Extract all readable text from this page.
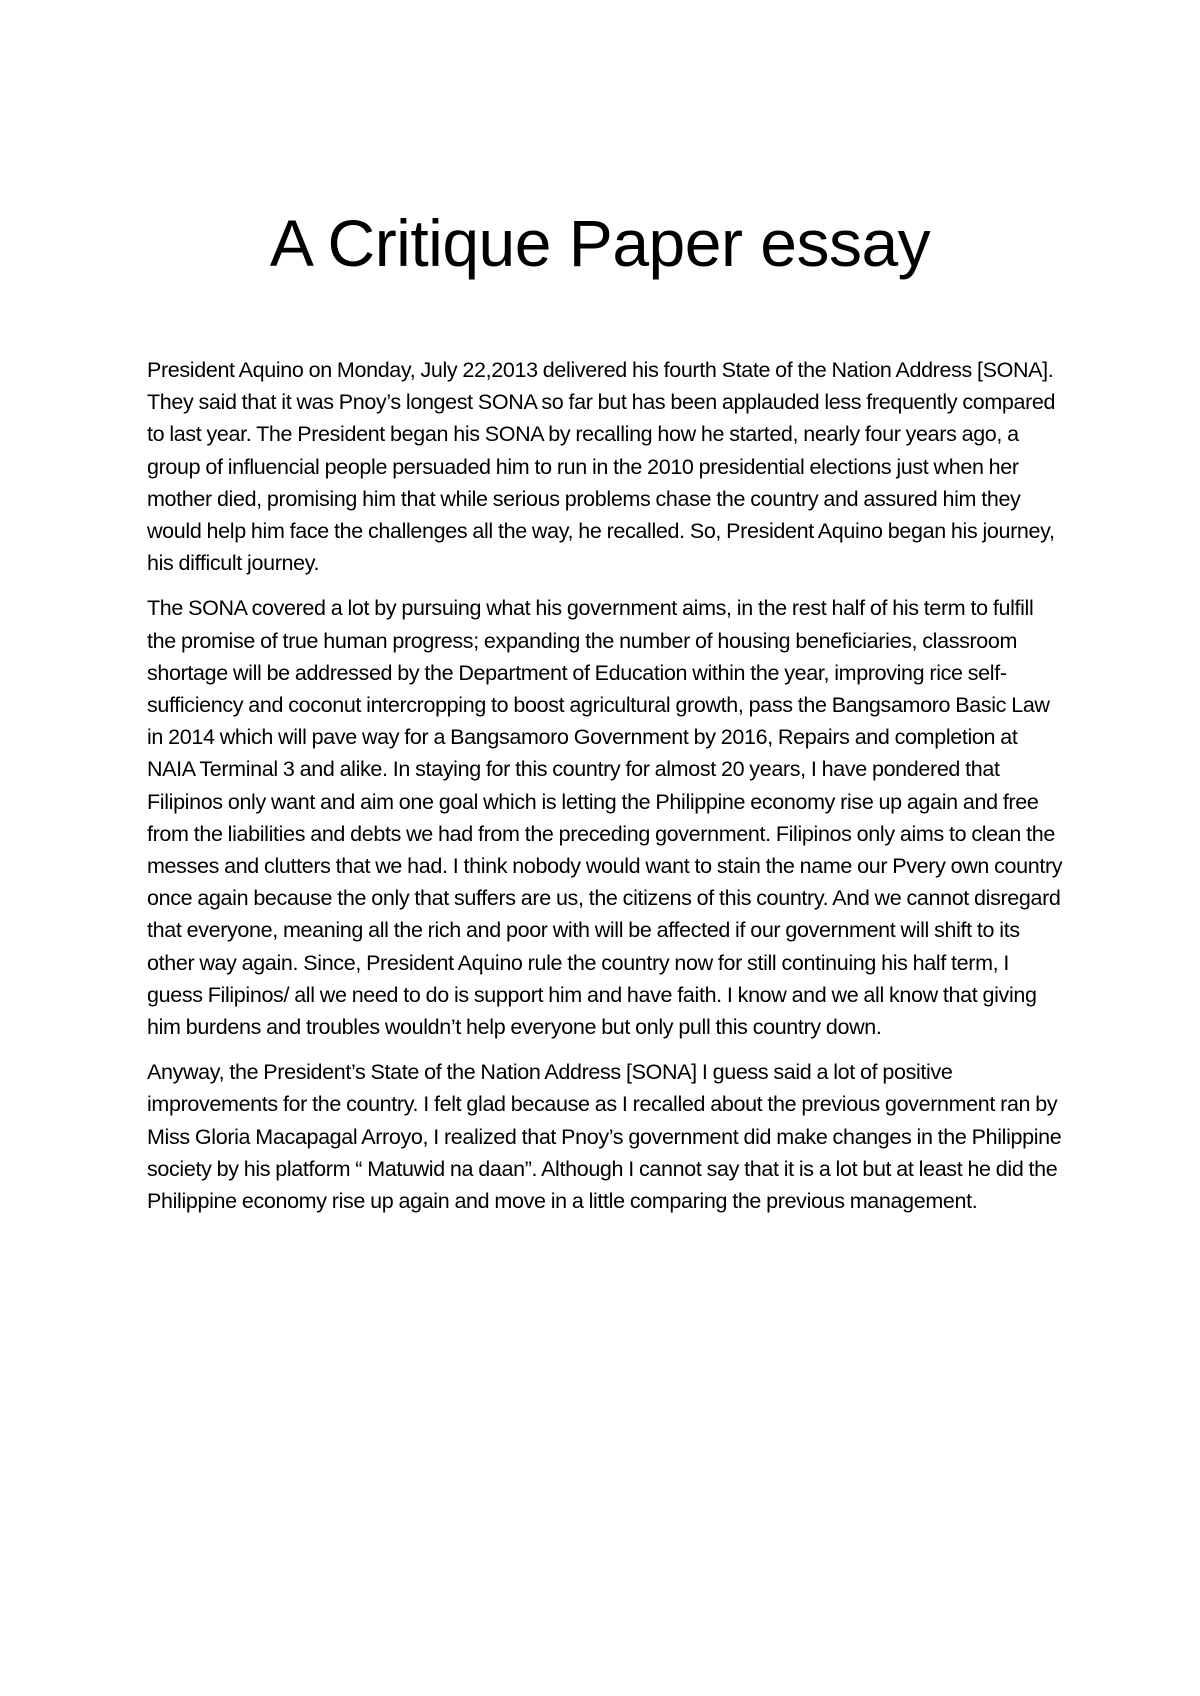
A Critique Paper essay

President Aquino on Monday, July 22,2013 delivered his fourth State of the Nation Address [SONA]. They said that it was Pnoy’s longest SONA so far but has been applauded less frequently compared to last year. The President began his SONA by recalling how he started, nearly four years ago, a group of influencial people persuaded him to run in the 2010 presidential elections just when her mother died, promising him that while serious problems chase the country and assured him they would help him face the challenges all the way, he recalled. So, President Aquino began his journey, his difficult journey.

The SONA covered a lot by pursuing what his government aims, in the rest half of his term to fulfill the promise of true human progress; expanding the number of housing beneficiaries, classroom shortage will be addressed by the Department of Education within the year, improving rice self-sufficiency and coconut intercropping to boost agricultural growth, pass the Bangsamoro Basic Law in 2014 which will pave way for a Bangsamoro Government by 2016, Repairs and completion at NAIA Terminal 3 and alike. In staying for this country for almost 20 years, I have pondered that Filipinos only want and aim one goal which is letting the Philippine economy rise up again and free from the liabilities and debts we had from the preceding government. Filipinos only aims to clean the messes and clutters that we had. I think nobody would want to stain the name our Pvery own country once again because the only that suffers are us, the citizens of this country. And we cannot disregard that everyone, meaning all the rich and poor with will be affected if our government will shift to its other way again. Since, President Aquino rule the country now for still continuing his half term, I guess Filipinos/ all we need to do is support him and have faith. I know and we all know that giving him burdens and troubles wouldn’t help everyone but only pull this country down.

Anyway, the President’s State of the Nation Address [SONA] I guess said a lot of positive improvements for the country. I felt glad because as I recalled about the previous government ran by Miss Gloria Macapagal Arroyo, I realized that Pnoy’s government did make changes in the Philippine society by his platform “ Matuwid na daan”. Although I cannot say that it is a lot but at least he did the Philippine economy rise up again and move in a little comparing the previous management.
